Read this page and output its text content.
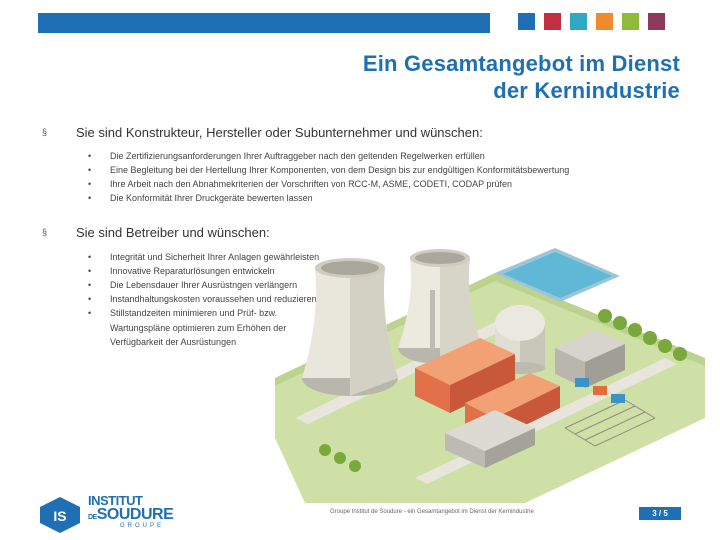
Ein Gesamtangebot im Dienst
der Kernindustrie
§ Sie sind Konstrukteur, Hersteller oder Subunternehmer und wünschen:
• Die Zertifizierungsanforderungen Ihrer Auftraggeber nach den geltenden Regelwerken erfüllen
• Eine Begleitung bei der Hertellung Ihrer Komponenten, von dem Design bis zur endgültigen Konformitätsbewertung
• Ihre Arbeit nach den Abnahmekriterien der Vorschriften von RCC-M, ASME, CODETI, CODAP prüfen
• Die Konformität Ihrer Druckgeräte bewerten lassen
§ Sie sind Betreiber und wünschen:
• Integrität und Sicherheit Ihrer Anlagen gewährleisten
• Innovative Reparaturlösungen entwickeln
• Die Lebensdauer Ihrer Ausrüstngen verlängern
• Instandhaltungskosten voraussehen und reduzieren
• Stillstandzeiten minimieren und Prüf- bzw.
Wartungspläne optimieren zum Erhöhen der
Verfügbarkeit der Ausrüstungen
Groupe Institut de Soudure - ein Gesamtangebot im Dienst der Kernindustrie	3 / 5
IS
INSTITUT
DESOUDURE
GROUPE
